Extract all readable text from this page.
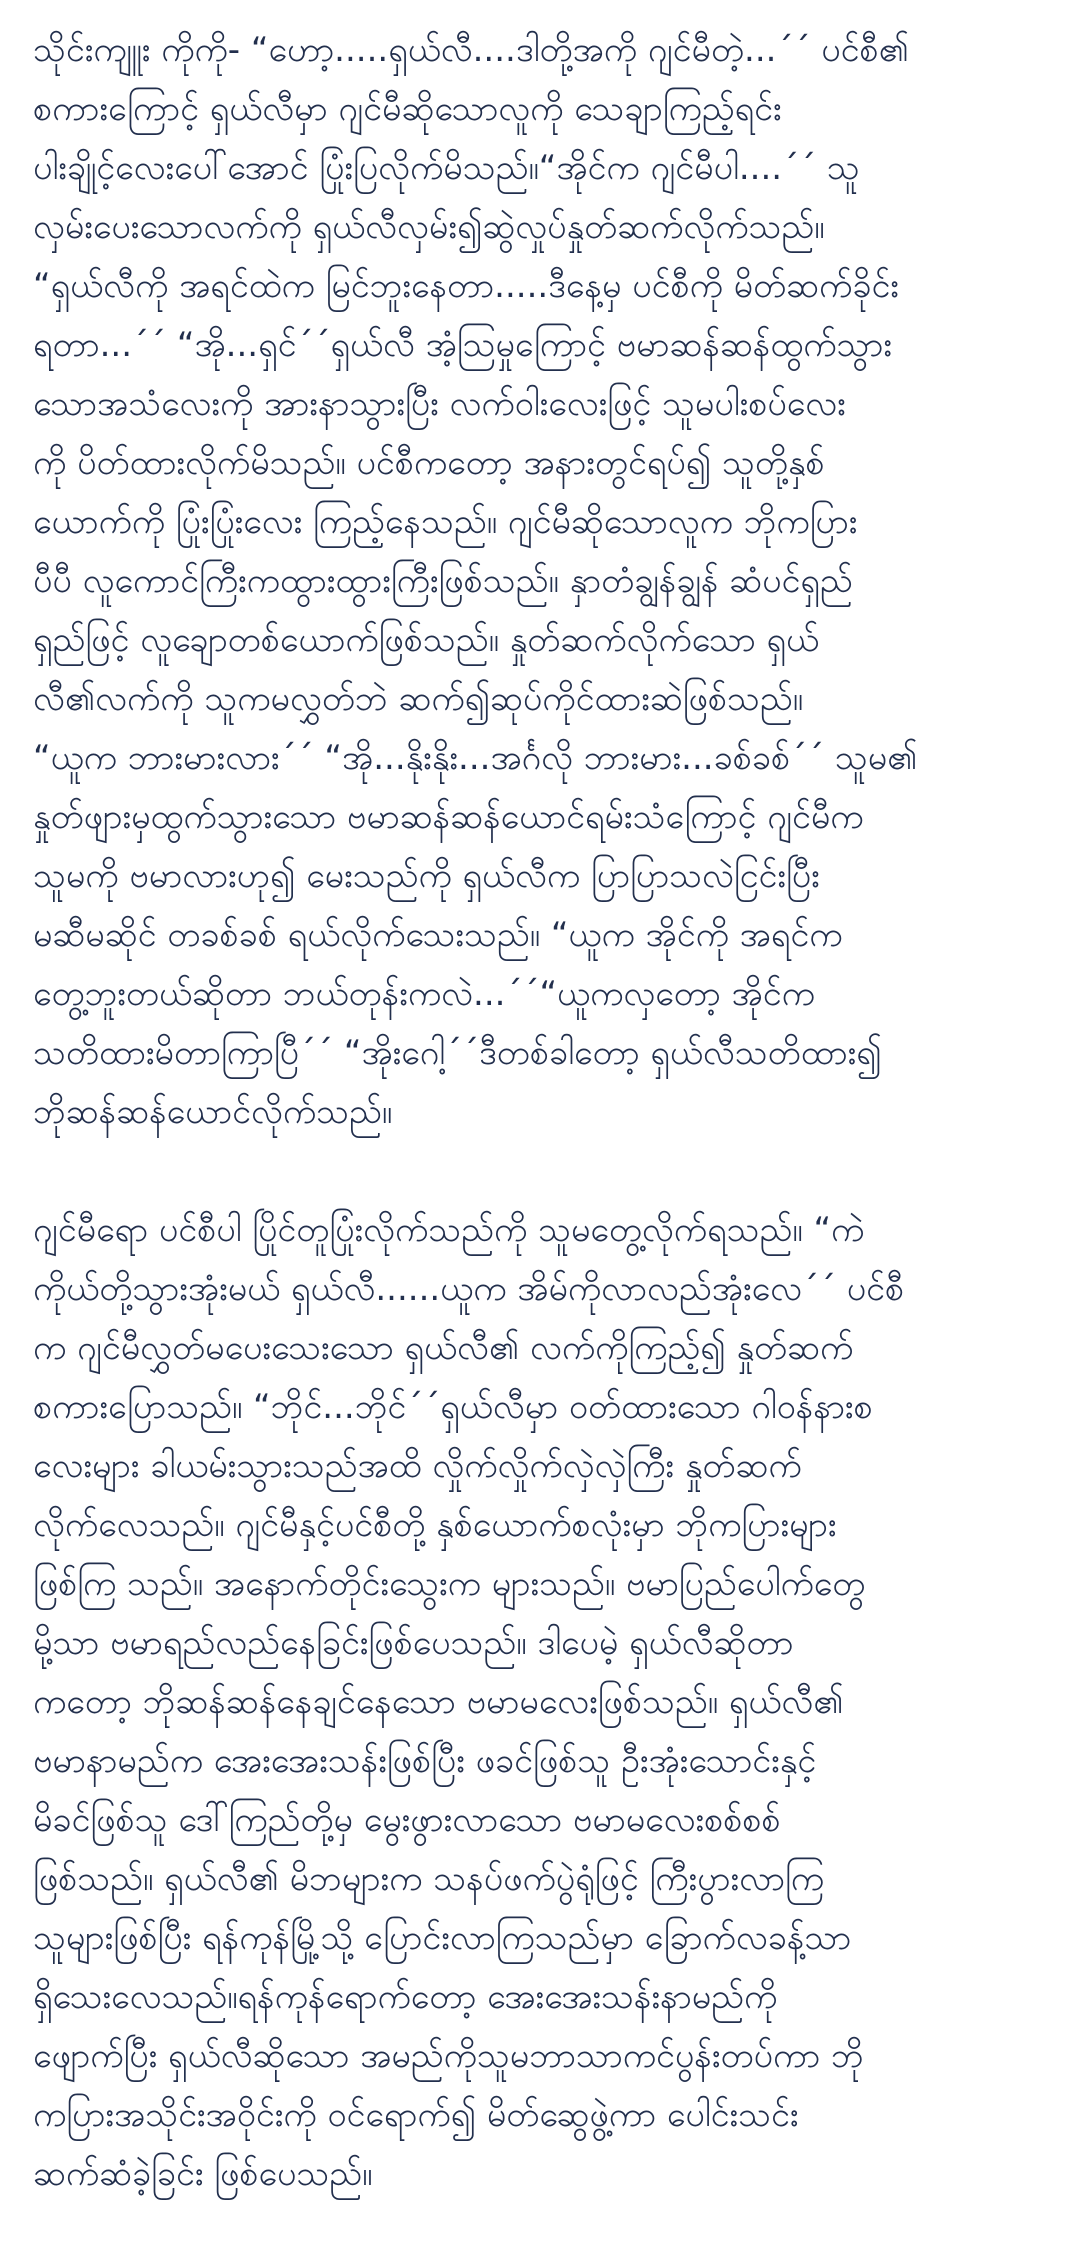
သိုင်းကျူး ကိုကို- “ဟော့.....ရှယ်လီ....ဒါတို့အကို ဂျင်မီတဲ့...´´ ပင်စီ၏
စကားကြောင့် ရှယ်လီမှာ ဂျင်မီဆိုသောလူကို သေချာကြည့်ရင်း
ပါးချိုင့်လေးပေါ်အောင် ပြုံးပြလိုက်မိသည်။“အိုင်က ဂျင်မီပါ....´´ သူ
လှမ်းပေးသောလက်ကို ရှယ်လီလှမ်း၍ဆွဲလှုပ်နှုတ်ဆက်လိုက်သည်။
“ရှယ်လီကို အရင်ထဲက မြင်ဘူးနေတာ.....ဒီနေ့မှ ပင်စီကို မိတ်ဆက်ခိုင်း
ရတာ...´´ “အို...ရှင်´´ရှယ်လီ အံ့သြမှုကြောင့် ဗမာဆန်ဆန်ထွက်သွား
သောအသံလေးကို အားနာသွားပြီး လက်ဝါးလေးဖြင့် သူမပါးစပ်လေး
ကို ပိတ်ထားလိုက်မိသည်။ ပင်စီကတော့ အနားတွင်ရပ်၍ သူတို့နှစ်
ယောက်ကို ပြုံးပြုံးလေး ကြည့်နေသည်။ ဂျင်မီဆိုသောလူက ဘိုကပြား
ပီပီ လူကောင်ကြီးကထွားထွားကြီးဖြစ်သည်။ နှာတံချွန်ချွန် ဆံပင်ရှည်
ရှည်ဖြင့် လူချောတစ်ယောက်ဖြစ်သည်။ နှုတ်ဆက်လိုက်သော ရှယ်
လီ၏လက်ကို သူကမလွှတ်ဘဲ ဆက်၍ဆုပ်ကိုင်ထားဆဲဖြစ်သည်။
“ယူက ဘားမားလား´´ “အို...နိုးနိုး...အင်္ဂလို ဘားမား...ခစ်ခစ်´´ သူမ၏
နှုတ်ဖျားမှထွက်သွားသော ဗမာဆန်ဆန်ယောင်ရမ်းသံကြောင့် ဂျင်မီက
သူမကို ဗမာလားဟု၍ မေးသည်ကို ရှယ်လီက ပြာပြာသလဲငြင်းပြီး
မဆီမဆိုင် တခစ်ခစ် ရယ်လိုက်သေးသည်။ “ယူက အိုင်ကို အရင်က
တွေ့ဘူးတယ်ဆိုတာ ဘယ်တုန်းကလဲ...´´“ယူကလှတော့ အိုင်က
သတိထားမိတာကြာပြီ´´ “အိုးဂေါ့´´ဒီတစ်ခါတော့ ရှယ်လီသတိထား၍
ဘိုဆန်ဆန်ယောင်လိုက်သည်။
ဂျင်မီရော ပင်စီပါ ပြိုင်တူပြုံးလိုက်သည်ကို သူမတွေ့လိုက်ရသည်။ “ကဲ
ကိုယ်တို့သွားအုံးမယ် ရှယ်လီ......ယူက အိမ်ကိုလာလည်အုံးလေ´´ ပင်စီ
က ဂျင်မီလွှတ်မပေးသေးသော ရှယ်လီ၏ လက်ကိုကြည့်၍ နှုတ်ဆက်
စကားပြောသည်။ “ဘိုင်...ဘိုင်´´ရှယ်လီမှာ ဝတ်ထားသော ဂါဝန်နားစ
လေးများ ခါယမ်းသွားသည်အထိ လှိုက်လှိုက်လှဲလှဲကြီး နှုတ်ဆက်
လိုက်လေသည်။ ဂျင်မီနှင့်ပင်စီတို့ နှစ်ယောက်စလုံးမှာ ဘိုကပြားများ
ဖြစ်ကြ သည်။ အနောက်တိုင်းသွေးက များသည်။ ဗမာပြည်ပေါက်တွေ
မို့သာ ဗမာရည်လည်နေခြင်းဖြစ်ပေသည်။ ဒါပေမဲ့ ရှယ်လီဆိုတာ
ကတော့ ဘိုဆန်ဆန်နေချင်နေသော ဗမာမလေးဖြစ်သည်။ ရှယ်လီ၏
ဗမာနာမည်က အေးအေးသန်းဖြစ်ပြီး ဖခင်ဖြစ်သူ ဦးအုံးသောင်းနှင့်
မိခင်ဖြစ်သူ ဒေါ်ကြည်တို့မှ မွေးဖွားလာသော ဗမာမလေးစစ်စစ်
ဖြစ်သည်။ ရှယ်လီ၏ မိဘများက သနပ်ဖက်ပွဲရုံဖြင့် ကြီးပွားလာကြ
သူများဖြစ်ပြီး ရန်ကုန်မြို့သို့ ပြောင်းလာကြသည်မှာ ခြောက်လခန့်သာ
ရှိသေးလေသည်။ရန်ကုန်ရောက်တော့ အေးအေးသန်းနာမည်ကို
ဖျောက်ပြီး ရှယ်လီဆိုသော အမည်ကိုသူမဘာသာကင်ပွန်းတပ်ကာ ဘို
ကပြားအသိုင်းအဝိုင်းကို ဝင်ရောက်၍ မိတ်ဆွေဖွဲ့ကာ ပေါင်းသင်း
ဆက်ဆံခဲ့ခြင်း ဖြစ်ပေသည်။
